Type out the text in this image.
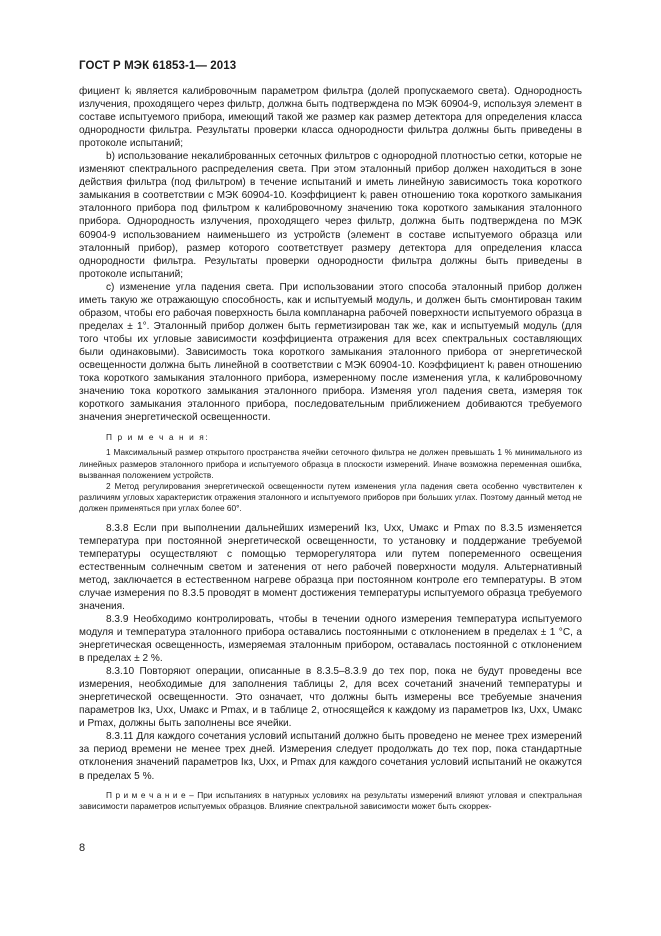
ГОСТ Р МЭК 61853-1— 2013

фициент kᵢ является калибровочным параметром фильтра (долей пропускаемого света). Однородность излучения, проходящего через фильтр, должна быть подтверждена по МЭК 60904-9, используя элемент в составе испытуемого прибора, имеющий такой же размер как размер детектора для определения класса однородности фильтра. Результаты проверки класса однородности фильтра должны быть приведены в протоколе испытаний;

b) использование некалиброванных сеточных фильтров с однородной плотностью сетки, которые не изменяют спектрального распределения света. При этом эталонный прибор должен находиться в зоне действия фильтра (под фильтром) в течение испытаний и иметь линейную зависимость тока короткого замыкания в соответствии с МЭК 60904-10. Коэффициент kᵢ равен отношению тока короткого замыкания эталонного прибора под фильтром к калибровочному значению тока короткого замыкания эталонного прибора. Однородность излучения, проходящего через фильтр, должна быть подтверждена по МЭК 60904-9 использованием наименьшего из устройств (элемент в составе испытуемого образца или эталонный прибор), размер которого соответствует размеру детектора для определения класса однородности фильтра. Результаты проверки однородности фильтра должны быть приведены в протоколе испытаний;

c) изменение угла падения света. При использовании этого способа эталонный прибор должен иметь такую же отражающую способность, как и испытуемый модуль, и должен быть смонтирован таким образом, чтобы его рабочая поверхность была компланарна рабочей поверхности испытуемого образца в пределах ± 1°. Эталонный прибор должен быть герметизирован так же, как и испытуемый модуль (для того чтобы их угловые зависимости коэффициента отражения для всех спектральных составляющих были одинаковыми). Зависимость тока короткого замыкания эталонного прибора от энергетической освещенности должна быть линейной в соответствии с МЭК 60904-10. Коэффициент kᵢ равен отношению тока короткого замыкания эталонного прибора, измеренному после изменения угла, к калибровочному значению тока короткого замыкания эталонного прибора. Изменяя угол падения света, измеряя ток короткого замыкания эталонного прибора, последовательным приближением добиваются требуемого значения энергетической освещенности.

П р и м е ч а н и я:

1 Максимальный размер открытого пространства ячейки сеточного фильтра не должен превышать 1 % минимального из линейных размеров эталонного прибора и испытуемого образца в плоскости измерений. Иначе возможна переменная ошибка, вызванная положением устройств.

2 Метод регулирования энергетической освещенности путем изменения угла падения света особенно чувствителен к различиям угловых характеристик отражения эталонного и испытуемого приборов при больших углах. Поэтому данный метод не должен применяться при углах более 60°.

8.3.8 Если при выполнении дальнейших измерений Iкз, Uхх, Uмакс и Pmax по 8.3.5 изменяется температура при постоянной энергетической освещенности, то установку и поддержание требуемой температуры осуществляют с помощью терморегулятора или путем попеременного освещения естественным солнечным светом и затенения от него рабочей поверхности модуля. Альтернативный метод, заключается в естественном нагреве образца при постоянном контроле его температуры. В этом случае измерения по 8.3.5 проводят в момент достижения температуры испытуемого образца требуемого значения.

8.3.9 Необходимо контролировать, чтобы в течении одного измерения температура испытуемого модуля и температура эталонного прибора оставались постоянными с отклонением в пределах ± 1 °С, а энергетическая освещенность, измеряемая эталонным прибором, оставалась постоянной с отклонением в пределах ± 2 %.

8.3.10 Повторяют операции, описанные в 8.3.5–8.3.9 до тех пор, пока не будут проведены все измерения, необходимые для заполнения таблицы 2, для всех сочетаний значений температуры и энергетической освещенности. Это означает, что должны быть измерены все требуемые значения параметров Iкз, Uхх, Uмакс и Pmax, и в таблице 2, относящейся к каждому из параметров Iкз, Uхх, Uмакс и Pmax, должны быть заполнены все ячейки.

8.3.11 Для каждого сочетания условий испытаний должно быть проведено не менее трех измерений за период времени не менее трех дней. Измерения следует продолжать до тех пор, пока стандартные отклонения значений параметров Iкз, Uхх, и Pmax для каждого сочетания условий испытаний не окажутся в пределах 5 %.

П р и м е ч а н и е – При испытаниях в натурных условиях на результаты измерений влияют угловая и спектральная зависимости параметров испытуемых образцов. Влияние спектральной зависимости может быть скоррек-

8
